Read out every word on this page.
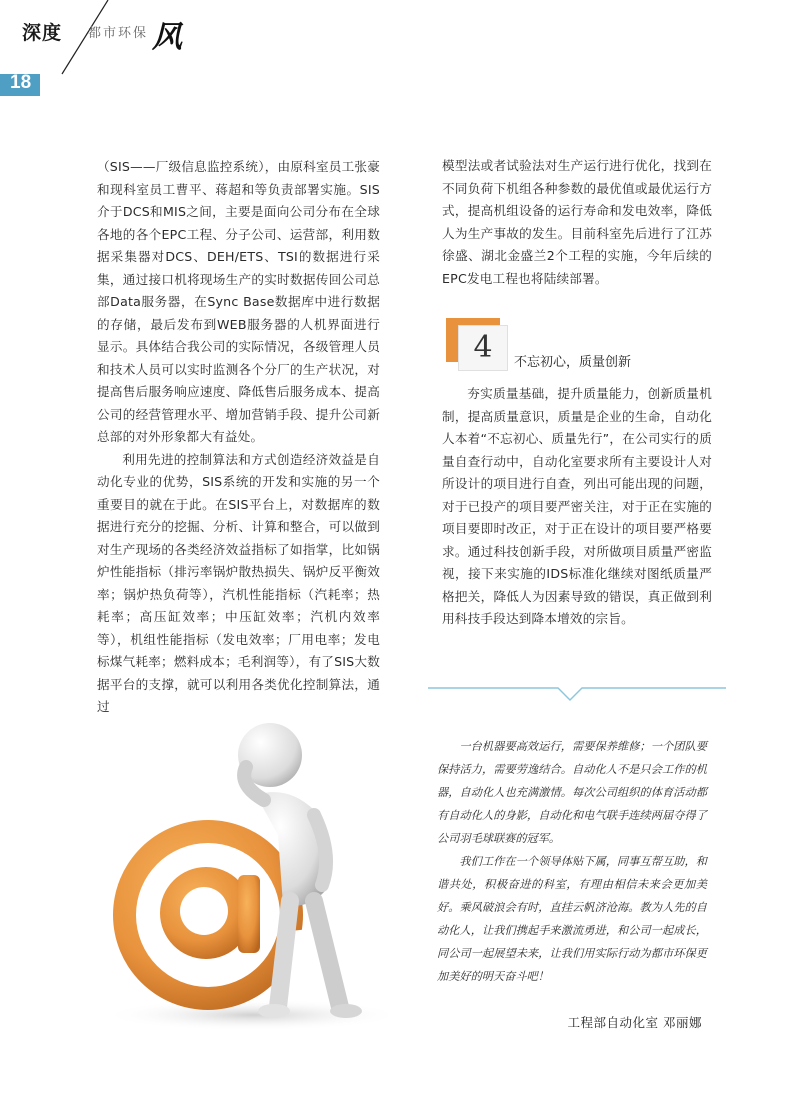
深度 都市环保 风
18

（SIS——厂级信息监控系统），由原科室员工张豪和现科室员工曹平、蒋超和等负责部署实施。SIS介于DCS和MIS之间，主要是面向公司分布在全球各地的各个EPC工程、分子公司、运营部，利用数据采集器对DCS、DEH/ETS、TSI的数据进行采集，通过接口机将现场生产的实时数据传回公司总部Data服务器，在Sync Base数据库中进行数据的存储，最后发布到WEB服务器的人机界面进行显示。具体结合我公司的实际情况，各级管理人员和技术人员可以实时监测各个分厂的生产状况，对提高售后服务响应速度、降低售后服务成本、提高公司的经营管理水平、增加营销手段、提升公司新总部的对外形象都大有益处。

利用先进的控制算法和方式创造经济效益是自动化专业的优势，SIS系统的开发和实施的另一个重要目的就在于此。在SIS平台上，对数据库的数据进行充分的挖掘、分析、计算和整合，可以做到对生产现场的各类经济效益指标了如指掌，比如锅炉性能指标（排污率锅炉散热损失、锅炉反平衡效率；锅炉热负荷等），汽机性能指标（汽耗率；热耗率；高压缸效率；中压缸效率；汽机内效率等），机组性能指标（发电效率；厂用电率；发电标煤气耗率；燃料成本；毛利润等），有了SIS大数据平台的支撑，就可以利用各类优化控制算法，通过

模型法或者试验法对生产运行进行优化，找到在不同负荷下机组各种参数的最优值或最优运行方式，提高机组设备的运行寿命和发电效率，降低人为生产事故的发生。目前科室先后进行了江苏徐盛、湖北金盛兰2个工程的实施，今年后续的EPC发电工程也将陆续部署。

4	不忘初心，质量创新

夯实质量基础，提升质量能力，创新质量机制，提高质量意识，质量是企业的生命，自动化人本着“不忘初心、质量先行”，在公司实行的质量自查行动中，自动化室要求所有主要设计人对所设计的项目进行自查，列出可能出现的问题，对于已投产的项目要严密关注，对于正在实施的项目要即时改正，对于正在设计的项目要严格要求。通过科技创新手段，对所做项目质量严密监视，接下来实施的IDS标准化继续对图纸质量严格把关，降低人为因素导致的错误，真正做到利用科技手段达到降本增效的宗旨。

一台机器要高效运行，需要保养维修；一个团队要保持活力，需要劳逸结合。自动化人不是只会工作的机器，自动化人也充满激情。每次公司组织的体育活动都有自动化人的身影，自动化和电气联手连续两届夺得了公司羽毛球联赛的冠军。

我们工作在一个领导体贴下属，同事互帮互助，和谐共处，积极奋进的科室，有理由相信未来会更加美好。乘风破浪会有时，直挂云帆济沧海。教为人先的自动化人，让我们携起手来激流勇进，和公司一起成长，同公司一起展望未来，让我们用实际行动为都市环保更加美好的明天奋斗吧！

工程部自动化室 邓丽娜
